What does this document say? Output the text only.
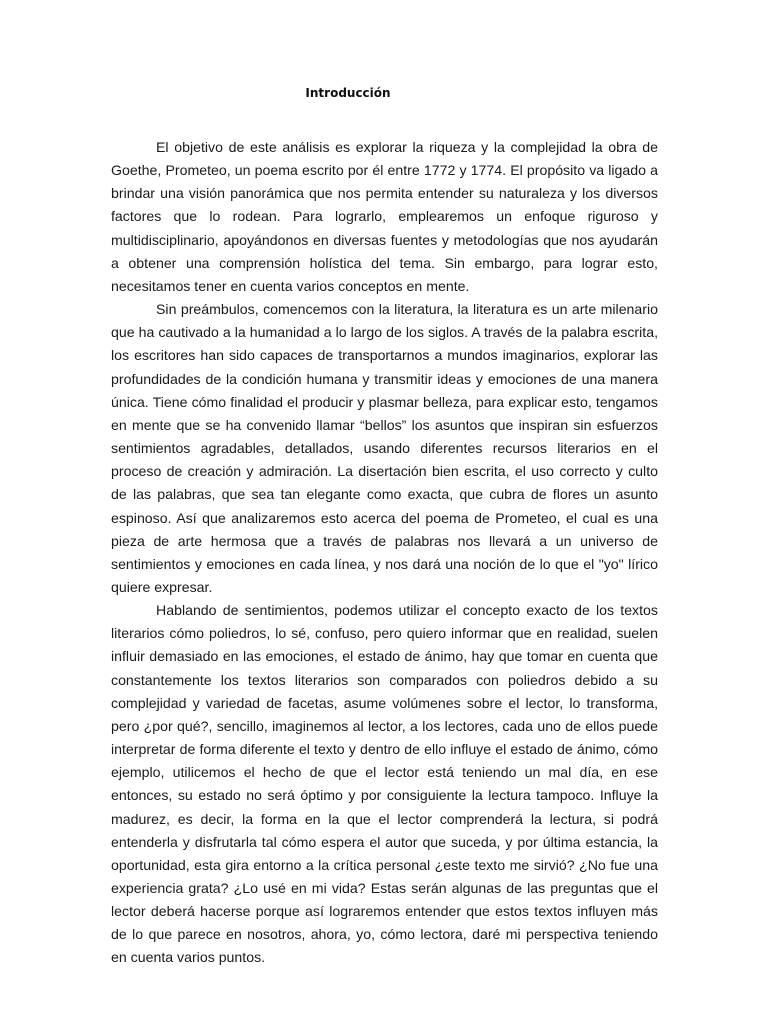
Introducción

El objetivo de este análisis es explorar la riqueza y la complejidad la obra de Goethe, Prometeo, un poema escrito por él entre 1772 y 1774. El propósito va ligado a brindar una visión panorámica que nos permita entender su naturaleza y los diversos factores que lo rodean. Para lograrlo, emplearemos un enfoque riguroso y multidisciplinario, apoyándonos en diversas fuentes y metodologías que nos ayudarán a obtener una comprensión holística del tema. Sin embargo, para lograr esto, necesitamos tener en cuenta varios conceptos en mente.

Sin preámbulos, comencemos con la literatura, la literatura es un arte milenario que ha cautivado a la humanidad a lo largo de los siglos. A través de la palabra escrita, los escritores han sido capaces de transportarnos a mundos imaginarios, explorar las profundidades de la condición humana y transmitir ideas y emociones de una manera única. Tiene cómo finalidad el producir y plasmar belleza, para explicar esto, tengamos en mente que se ha convenido llamar “bellos” los asuntos que inspiran sin esfuerzos sentimientos agradables, detallados, usando diferentes recursos literarios en el proceso de creación y admiración. La disertación bien escrita, el uso correcto y culto de las palabras, que sea tan elegante como exacta, que cubra de flores un asunto espinoso. Así que analizaremos esto acerca del poema de Prometeo, el cual es una pieza de arte hermosa que a través de palabras nos llevará a un universo de sentimientos y emociones en cada línea, y nos dará una noción de lo que el "yo" lírico quiere expresar.

Hablando de sentimientos, podemos utilizar el concepto exacto de los textos literarios cómo poliedros, lo sé, confuso, pero quiero informar que en realidad, suelen influir demasiado en las emociones, el estado de ánimo, hay que tomar en cuenta que constantemente los textos literarios son comparados con poliedros debido a su complejidad y variedad de facetas, asume volúmenes sobre el lector, lo transforma, pero ¿por qué?, sencillo, imaginemos al lector, a los lectores, cada uno de ellos puede interpretar de forma diferente el texto y dentro de ello influye el estado de ánimo, cómo ejemplo, utilicemos el hecho de que el lector está teniendo un mal día, en ese entonces, su estado no será óptimo y por consiguiente la lectura tampoco. Influye la madurez, es decir, la forma en la que el lector comprenderá la lectura, si podrá entenderla y disfrutarla tal cómo espera el autor que suceda, y por última estancia, la oportunidad, esta gira entorno a la crítica personal ¿este texto me sirvió? ¿No fue una experiencia grata? ¿Lo usé en mi vida? Estas serán algunas de las preguntas que el lector deberá hacerse porque así lograremos entender que estos textos influyen más de lo que parece en nosotros, ahora, yo, cómo lectora, daré mi perspectiva teniendo en cuenta varios puntos.
